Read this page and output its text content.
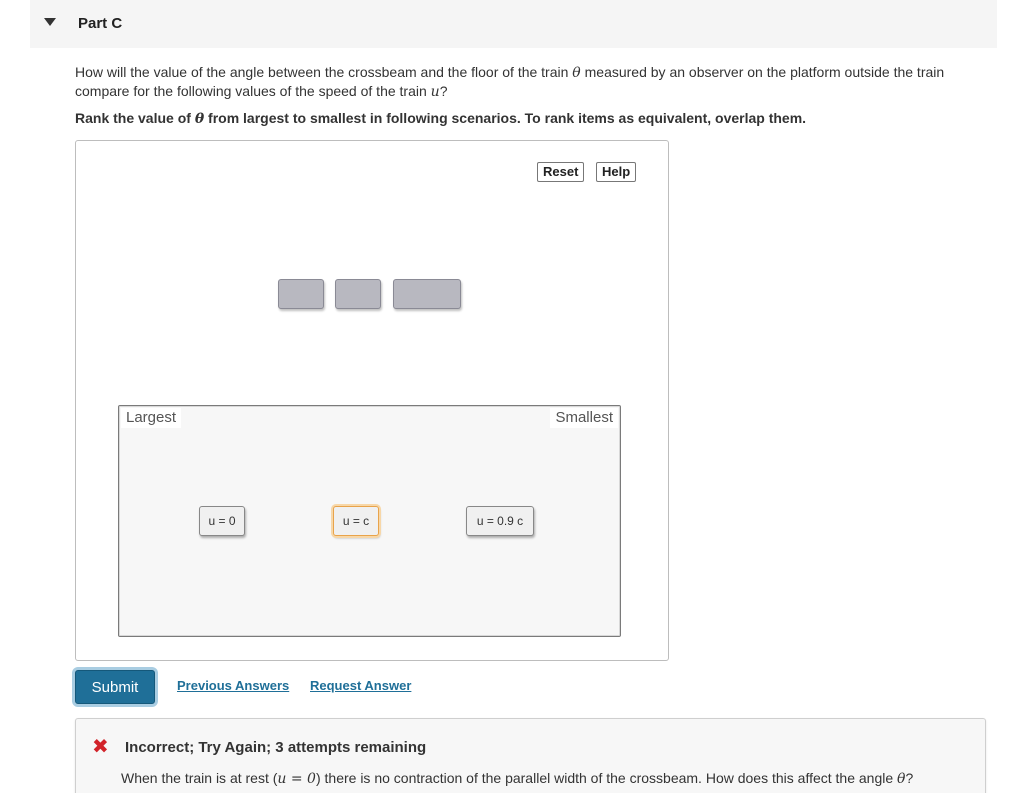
Part C
How will the value of the angle between the crossbeam and the floor of the train θ measured by an observer on the platform outside the train compare for the following values of the speed of the train u?
Rank the value of θ from largest to smallest in following scenarios. To rank items as equivalent, overlap them.
Reset	Help
Largest	Smallest
u = 0	u = c	u = 0.9 c
Submit	Previous Answers Request Answer
✖ Incorrect; Try Again; 3 attempts remaining
When the train is at rest (u = 0) there is no contraction of the parallel width of the crossbeam. How does this affect the angle θ?
